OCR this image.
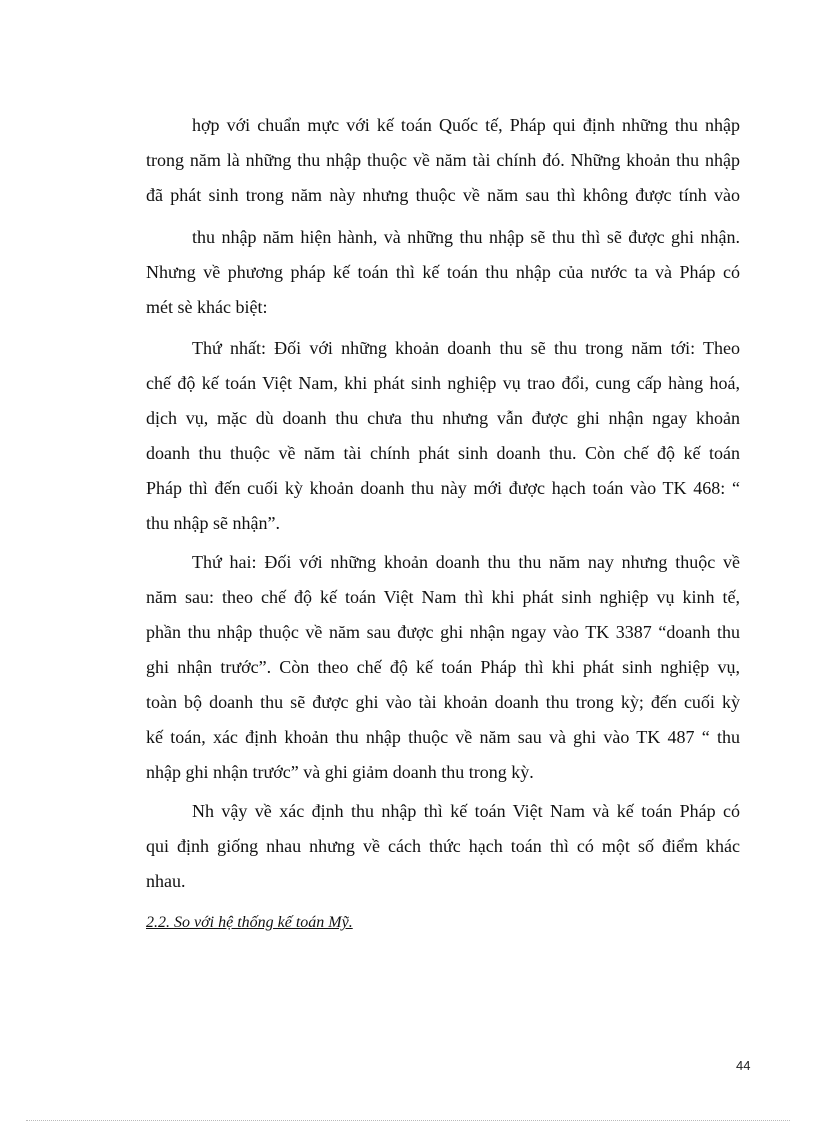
hợp với chuẩn mực với kế toán Quốc tế, Pháp qui định những thu nhập
trong năm là những thu nhập thuộc về năm tài chính đó. Những khoản thu nhập
đã phát sinh trong năm này nhưng thuộc về năm sau thì không được tính vào
thu nhập năm hiện hành, và những thu nhập sẽ thu thì sẽ được ghi nhận.
Nhưng về phương pháp kế toán thì kế toán thu nhập của nước ta và Pháp có
mét sè khác biệt:
Thứ nhất: Đối với những khoản doanh thu sẽ thu trong năm tới: Theo
chế độ kế toán Việt Nam, khi phát sinh nghiệp vụ trao đổi, cung cấp hàng hoá,
dịch vụ, mặc dù doanh thu chưa thu nhưng vẫn được ghi nhận ngay khoản
doanh thu thuộc về năm tài chính phát sinh doanh thu. Còn chế độ kế toán
Pháp thì đến cuối kỳ khoản doanh thu này mới được hạch toán vào TK 468: “
thu nhập sẽ nhận”.
Thứ hai: Đối với những khoản doanh thu thu năm nay nhưng thuộc về
năm sau: theo chế độ kế toán Việt Nam thì khi phát sinh nghiệp vụ kinh tế,
phần thu nhập thuộc về năm sau được ghi nhận ngay vào TK 3387 “doanh thu
ghi nhận trước”. Còn theo chế độ kế toán Pháp thì khi phát sinh nghiệp vụ,
toàn bộ doanh thu sẽ được ghi vào tài khoản doanh thu trong kỳ; đến cuối kỳ
kế toán, xác định khoản thu nhập thuộc về năm sau và ghi vào TK 487 “ thu
nhập ghi nhận trước” và ghi giảm doanh thu trong kỳ.
Nh vậy về xác định thu nhập thì kế toán Việt Nam và kế toán Pháp có
qui định giống nhau nhưng về cách thức hạch toán thì có một số điểm khác
nhau.
2.2. So với hệ thống kế toán Mỹ.
44
